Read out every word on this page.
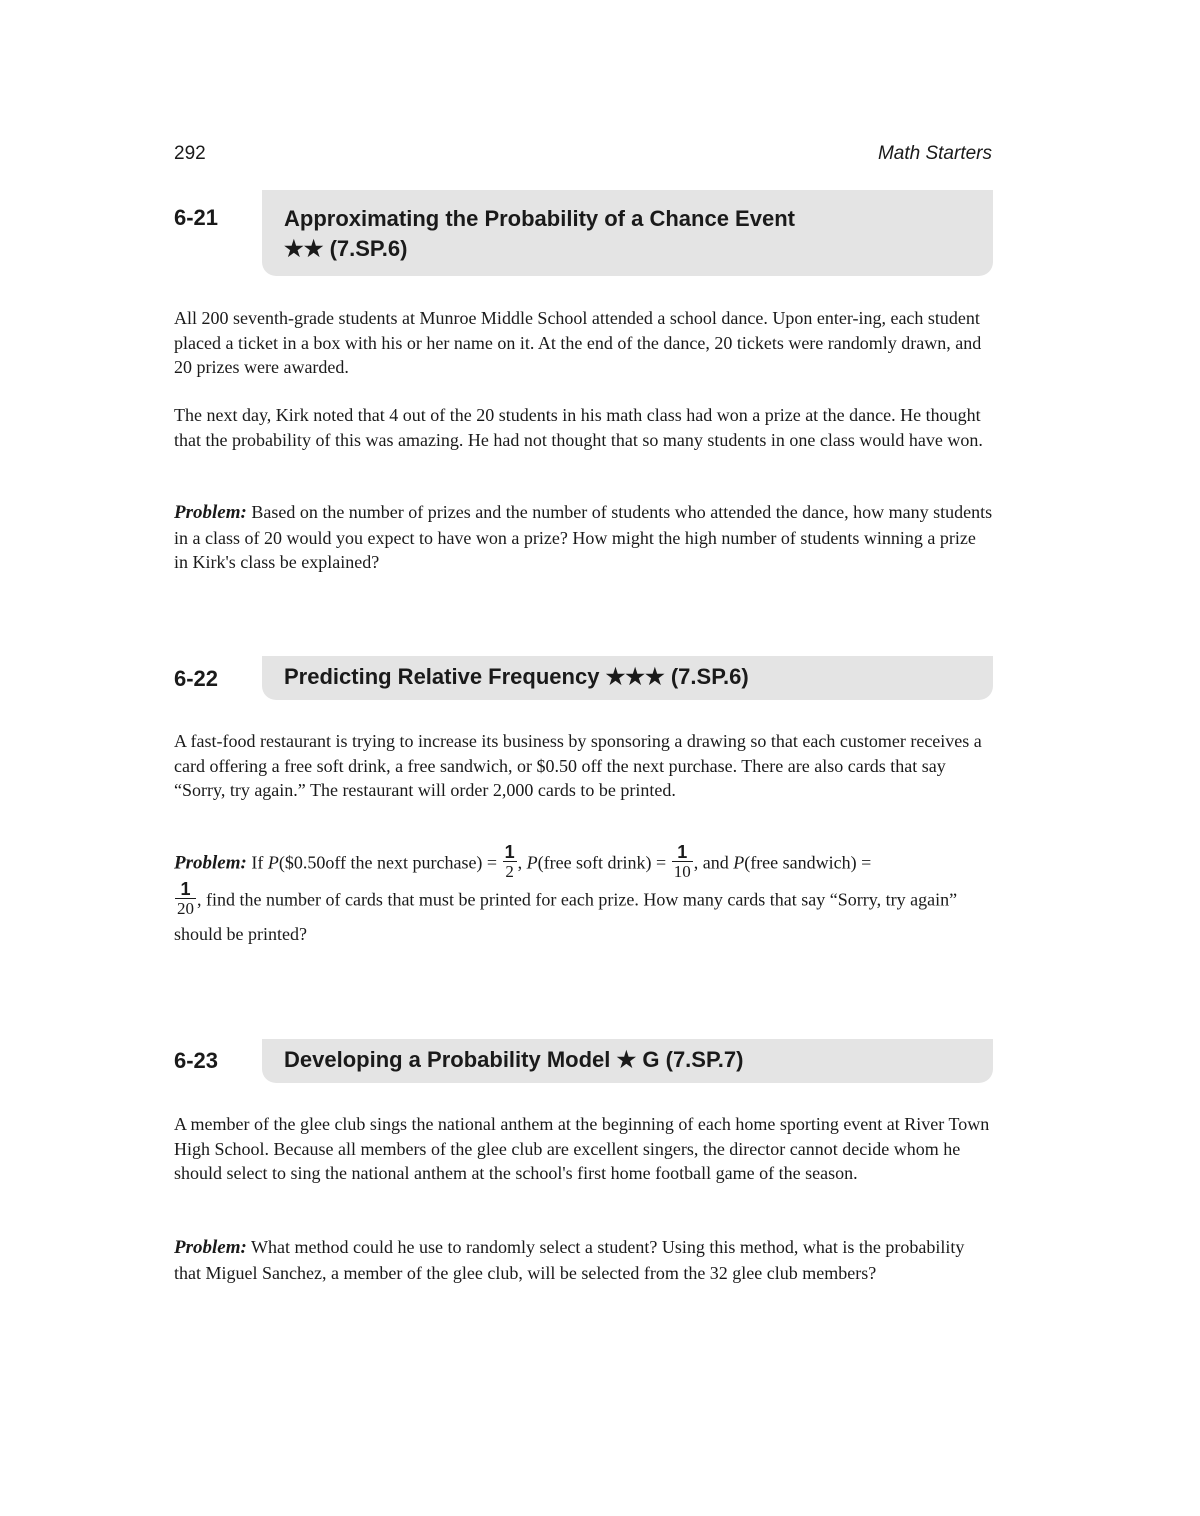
292	Math Starters
6-21	Approximating the Probability of a Chance Event
★★ (7.SP.6)

All 200 seventh-grade students at Munroe Middle School attended a school dance. Upon enter-ing, each student placed a ticket in a box with his or her name on it. At the end of the dance, 20 tickets were randomly drawn, and 20 prizes were awarded.

The next day, Kirk noted that 4 out of the 20 students in his math class had won a prize at the dance. He thought that the probability of this was amazing. He had not thought that so many students in one class would have won.

Problem: Based on the number of prizes and the number of students who attended the dance, how many students in a class of 20 would you expect to have won a prize? How might the high number of students winning a prize in Kirk's class be explained?

6-22	Predicting Relative Frequency ★★★ (7.SP.6)

A fast-food restaurant is trying to increase its business by sponsoring a drawing so that each customer receives a card offering a free soft drink, a free sandwich, or $0.50 off the next purchase. There are also cards that say “Sorry, try again.” The restaurant will order 2,000 cards to be printed.

Problem: If P($0.50off the next purchase) = $\frac{1}{2}$ , P(free soft drink) = $\frac{1}{10}$ , and P(free sandwich) =

$\frac{1}{20}$ , find the number of cards that must be printed for each prize. How many cards that say “Sorry, try again” should be printed?
6-23	Developing a Probability Model ★ G (7.SP.7)

A member of the glee club sings the national anthem at the beginning of each home sporting event at River Town High School. Because all members of the glee club are excellent singers, the director cannot decide whom he should select to sing the national anthem at the school's first home football game of the season.

Problem: What method could he use to randomly select a student? Using this method, what is the probability that Miguel Sanchez, a member of the glee club, will be selected from the 32 glee club members?
